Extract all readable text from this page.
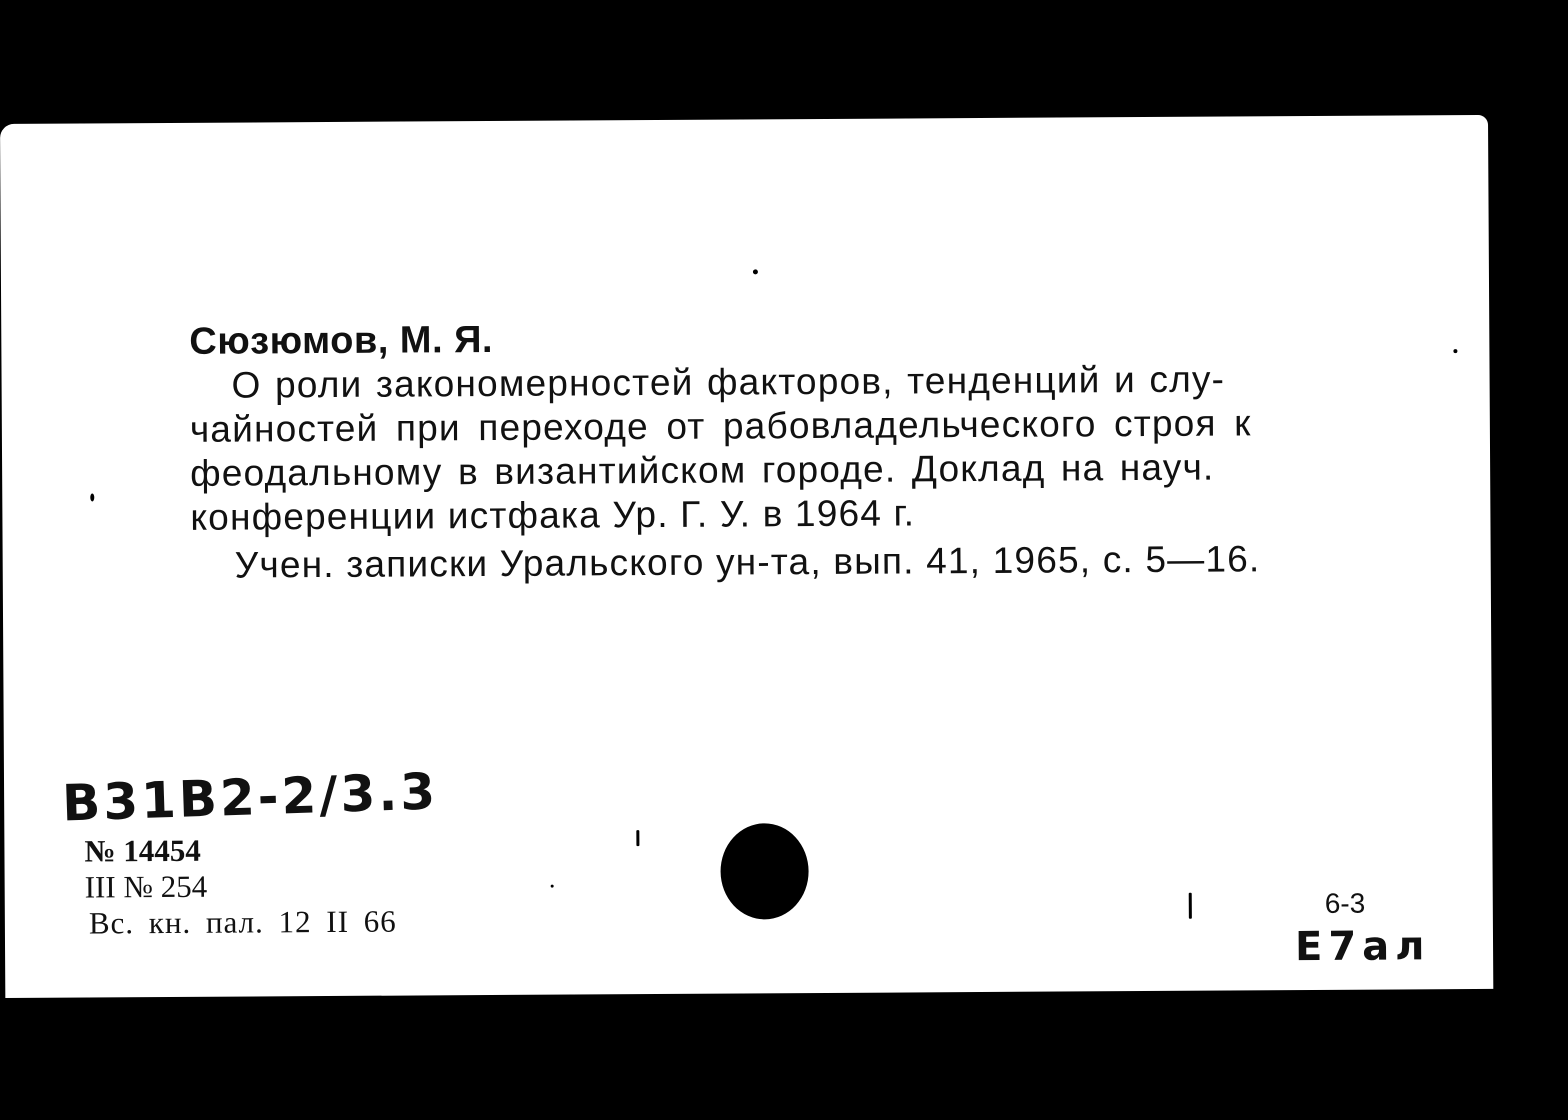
Сюзюмов, М. Я.
О роли закономерностей факторов, тенденций и слу-
чайностей при переходе от рабовладельческого строя к
феодальному в византийском городе. Доклад на науч.
конференции истфака Ур. Г. У. в 1964 г.
Учен. записки Уральского ун-та, вып. 41, 1965, с. 5—16.
В31В2-2/3.3
№ 14454
III № 254
Вс. кн. пал. 12 II 66
6-3
Е7ал
